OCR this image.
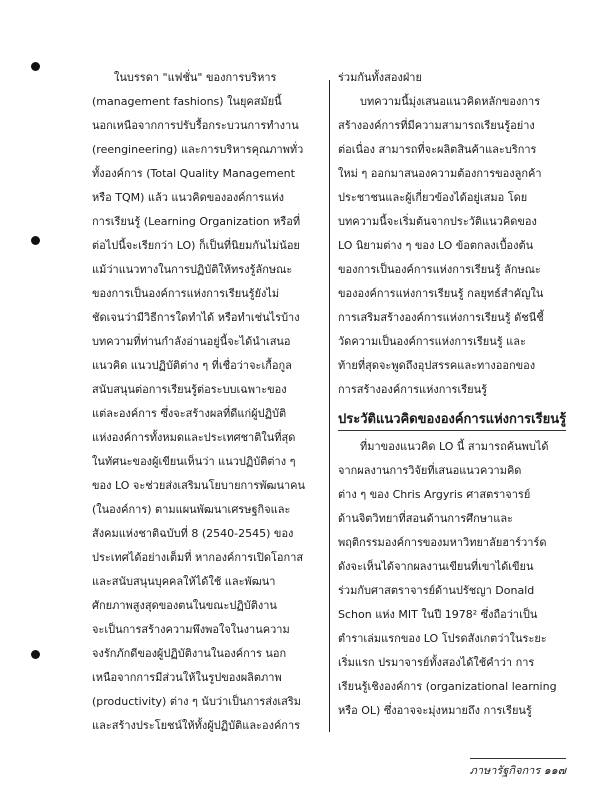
ในบรรดา "แฟชั่น" ของการบริหาร
(management fashions) ในยุคสมัยนี้
นอกเหนือจากการปรับรื้อกระบวนการทำงาน
(reengineering) และการบริหารคุณภาพทั่ว
ทั้งองค์การ (Total Quality Management
หรือ TQM) แล้ว แนวคิดขององค์การแห่ง
การเรียนรู้ (Learning Organization หรือที่
ต่อไปนี้จะเรียกว่า LO) ก็เป็นที่นิยมกันไม่น้อย
แม้ว่าแนวทางในการปฏิบัติให้ทรงรู้ลักษณะ
ของการเป็นองค์การแห่งการเรียนรู้ยังไม่
ชัดเจนว่ามีวิธีการใดทำได้ หรือทำเช่นไรบ้าง
บทความที่ท่านกำลังอ่านอยู่นี้จะได้นำเสนอ
แนวคิด แนวปฏิบัติต่าง ๆ ที่เชื่อว่าจะเกื้อกูล
สนับสนุนต่อการเรียนรู้ต่อระบบเฉพาะของ
แต่ละองค์การ ซึ่งจะสร้างผลที่ดีแก่ผู้ปฏิบัติ
แห่งองค์การทั้งหมดและประเทศชาติในที่สุด
ในทัศนะของผู้เขียนเห็นว่า แนวปฏิบัติต่าง ๆ
ของ LO จะช่วยส่งเสริมนโยบายการพัฒนาคน
(ในองค์การ) ตามแผนพัฒนาเศรษฐกิจและ
สังคมแห่งชาติฉบับที่ 8 (2540-2545) ของ
ประเทศได้อย่างเต็มที่ หากองค์การเปิดโอกาส
และสนับสนุนบุคคลให้ได้ใช้ และพัฒนา
ศักยภาพสูงสุดของตนในขณะปฏิบัติงาน
จะเป็นการสร้างความพึงพอใจในงานความ
จงรักภักดีของผู้ปฏิบัติงานในองค์การ นอก
เหนือจากการมีส่วนให้ในรูปของผลิตภาพ
(productivity) ต่าง ๆ นับว่าเป็นการส่งเสริม
และสร้างประโยชน์ให้ทั้งผู้ปฏิบัติและองค์การ
ร่วมกันทั้งสองฝ่าย
บทความนี้มุ่งเสนอแนวคิดหลักของการ
สร้างองค์การที่มีความสามารถเรียนรู้อย่าง
ต่อเนื่อง สามารถที่จะผลิตสินค้าและบริการ
ใหม่ ๆ ออกมาสนองความต้องการของลูกค้า
ประชาชนและผู้เกี่ยวข้องได้อยู่เสมอ โดย
บทความนี้จะเริ่มต้นจากประวัติแนวคิดของ
LO นิยามต่าง ๆ ของ LO ข้อตกลงเบื้องต้น
ของการเป็นองค์การแห่งการเรียนรู้ ลักษณะ
ขององค์การแห่งการเรียนรู้ กลยุทธ์สำคัญใน
การเสริมสร้างองค์การแห่งการเรียนรู้ ดัชนีชี้
วัดความเป็นองค์การแห่งการเรียนรู้ และ
ท้ายที่สุดจะพูดถึงอุปสรรคและทางออกของ
การสร้างองค์การแห่งการเรียนรู้
ประวัติแนวคิดขององค์การแห่งการเรียนรู้
ที่มาของแนวคิด LO นี้ สามารถค้นพบได้
จากผลงานการวิจัยที่เสนอแนวความคิด
ต่าง ๆ ของ Chris Argyris ศาสตราจารย์
ด้านจิตวิทยาที่สอนด้านการศึกษาและ
พฤติกรรมองค์การของมหาวิทยาลัยฮาร์วาร์ด
ดังจะเห็นได้จากผลงานเขียนที่เขาได้เขียน
ร่วมกับศาสตราจารย์ด้านปรัชญา Donald
Schon แห่ง MIT ในปี 1978² ซึ่งถือว่าเป็น
ตำราเล่มแรกของ LO โปรดสังเกตว่าในระยะ
เริ่มแรก ปรมาจารย์ทั้งสองได้ใช้คำว่า การ
เรียนรู้เชิงองค์การ (organizational learning
หรือ OL) ซึ่งอาจจะมุ่งหมายถึง การเรียนรู้
ภาษารัฐกิจการ ๑๑๗
